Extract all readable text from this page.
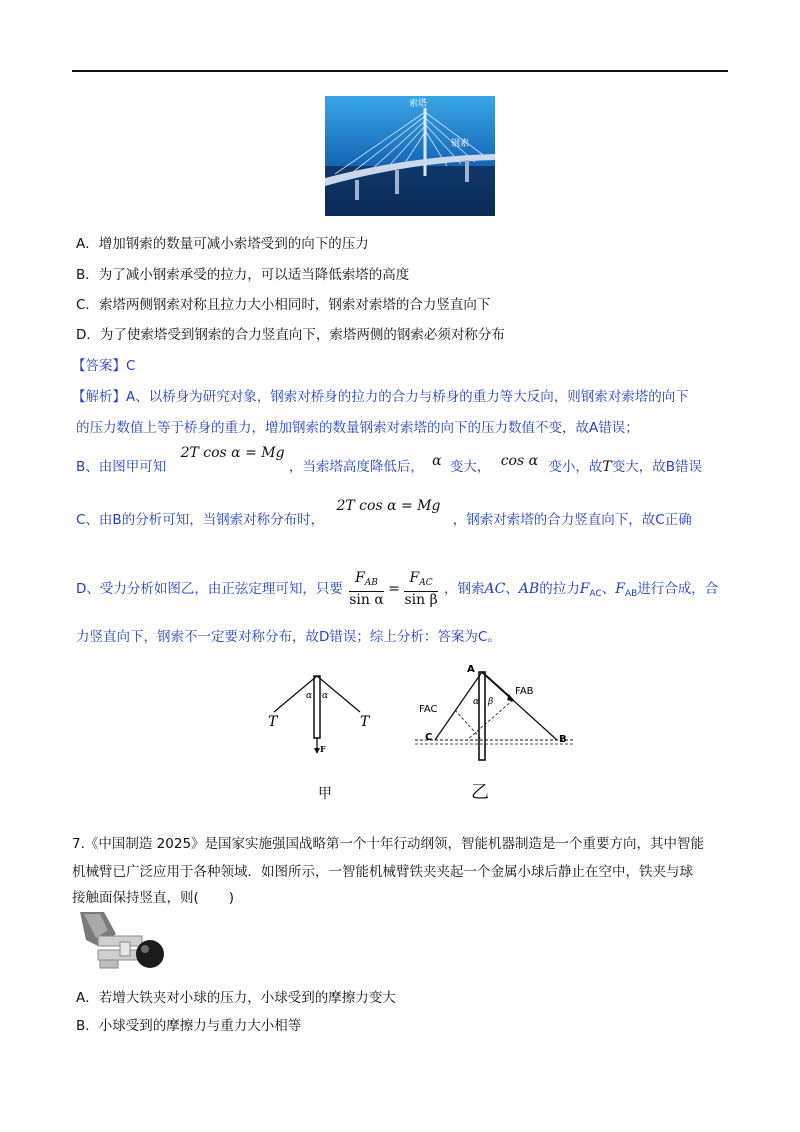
索塔
钢索
A．增加钢索的数量可减小索塔受到的向下的压力
B．为了减小钢索承受的拉力，可以适当降低索塔的高度
C．索塔两侧钢索对称且拉力大小相同时，钢索对索塔的合力竖直向下
D．为了使索塔受到钢索的合力竖直向下，索塔两侧的钢索必须对称分布
【答案】C
【解析】A、以桥身为研究对象，钢索对桥身的拉力的合力与桥身的重力等大反向，则钢索对索塔的向下
的压力数值上等于桥身的重力，增加钢索的数量钢索对索塔的向下的压力数值不变，故A错误；
B、由图甲可知 2T cos α = Mg ，当索塔高度降低后， α 变大， cos α 变小，故T变大，故B错误
C、由B的分析可知，当钢索对称分布时， 2T cos α = Mg ，钢索对索塔的合力竖直向下，故C正确
D、受力分析如图乙，由正弦定理可知，只要 $\frac{F_{AB}}{\text{sin α}} = \frac{F_{AC}}{\text{sin β}}$ ，钢索AC、AB的拉力$F_{AC}$、$F_{AB}$进行合成，合
力竖直向下，钢索不一定要对称分布，故D错误；综上分析：答案为C。
T	T
α α
F
甲
A
B
C
FAC
FAB
α β
乙
7.《中国制造 2025》是国家实施强国战略第一个十年行动纲领，智能机器制造是一个重要方向，其中智能
机械臂已广泛应用于各种领域．如图所示，一智能机械臂铁夹夹起一个金属小球后静止在空中，铁夹与球
接触面保持竖直，则( )
A．若增大铁夹对小球的压力，小球受到的摩擦力变大
B．小球受到的摩擦力与重力大小相等
